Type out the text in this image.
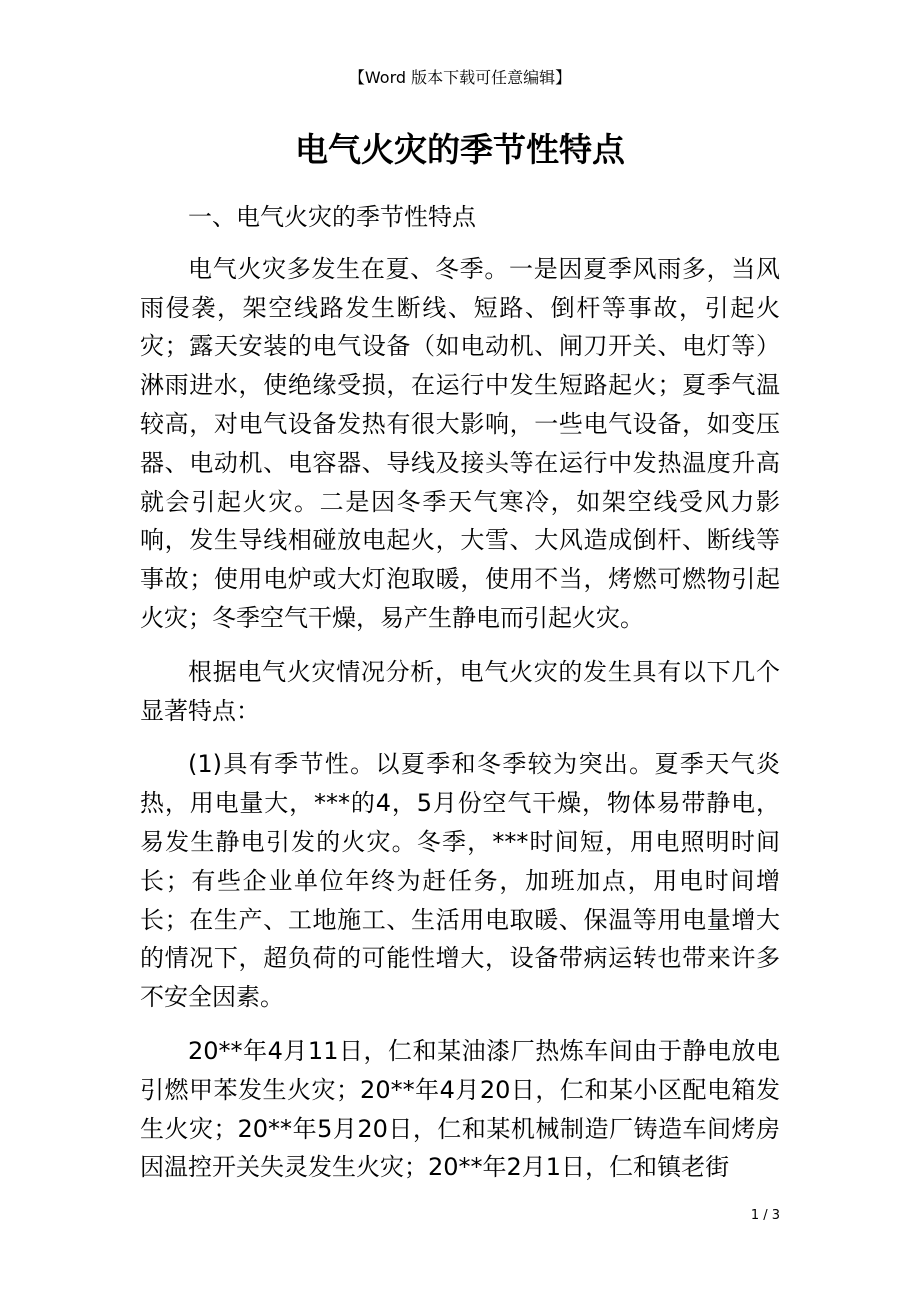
【Word 版本下载可任意编辑】
电气火灾的季节性特点

一、电气火灾的季节性特点

电气火灾多发生在夏、冬季。一是因夏季风雨多，当风雨侵袭，架空线路发生断线、短路、倒杆等事故，引起火灾；露天安装的电气设备（如电动机、闸刀开关、电灯等）淋雨进水，使绝缘受损，在运行中发生短路起火；夏季气温较高，对电气设备发热有很大影响，一些电气设备，如变压器、电动机、电容器、导线及接头等在运行中发热温度升高就会引起火灾。二是因冬季天气寒冷，如架空线受风力影响，发生导线相碰放电起火，大雪、大风造成倒杆、断线等事故；使用电炉或大灯泡取暖，使用不当，烤燃可燃物引起火灾；冬季空气干燥，易产生静电而引起火灾。

根据电气火灾情况分析，电气火灾的发生具有以下几个显著特点：

(1)具有季节性。以夏季和冬季较为突出。夏季天气炎热，用电量大，***的4，5月份空气干燥，物体易带静电，易发生静电引发的火灾。冬季，***时间短，用电照明时间长；有些企业单位年终为赶任务，加班加点，用电时间增长；在生产、工地施工、生活用电取暖、保温等用电量增大的情况下，超负荷的可能性增大，设备带病运转也带来许多不安全因素。

20**年4月11日，仁和某油漆厂热炼车间由于静电放电引燃甲苯发生火灾；20**年4月20日，仁和某小区配电箱发生火灾；20**年5月20日，仁和某机械制造厂铸造车间烤房因温控开关失灵发生火灾；20**年2月1日，仁和镇老街

1 / 3
